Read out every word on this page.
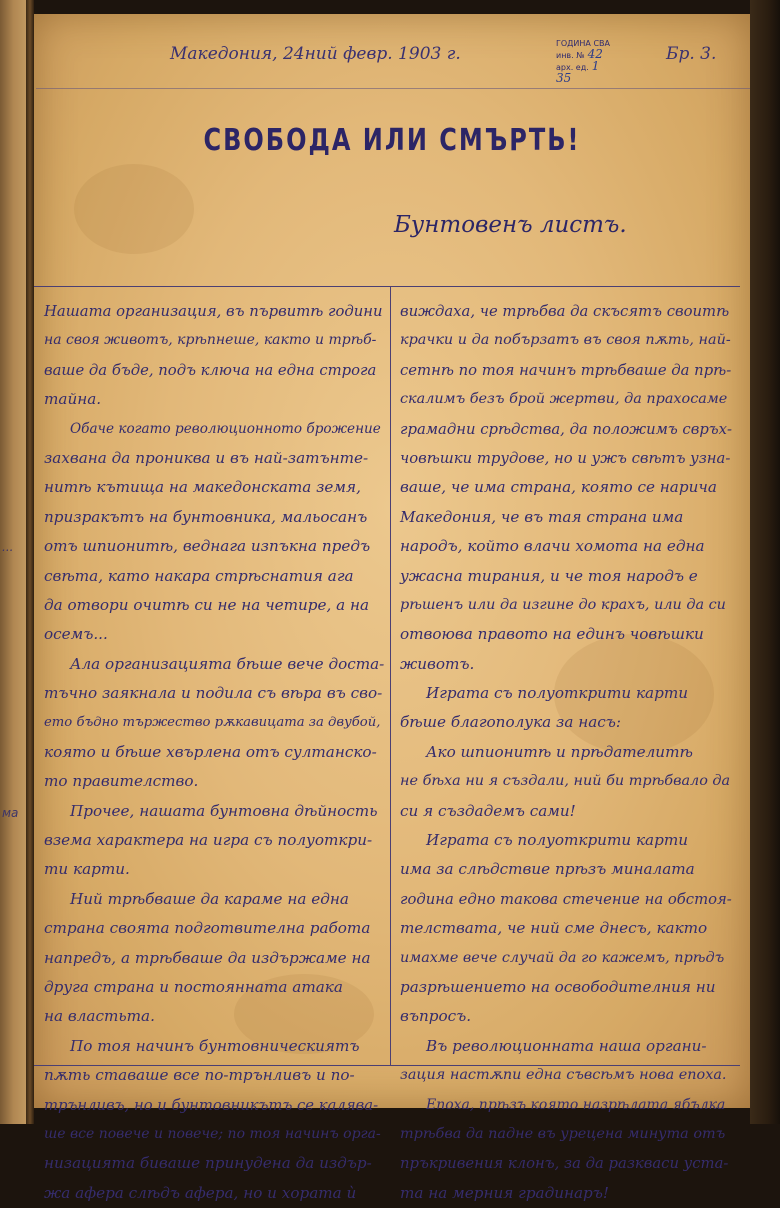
...
ма
Македония, 24ний февр. 1903 г.
ГОДИНА СВА
инв. № 42
арх. ед. 1
35
Бр. 3.
СВОБОДА ИЛИ СМЪРТЬ!
Бунтовенъ листъ.
Нашата организация, въ първитѣ години
на своя животъ, крѣпнеше, както и трѣб-
ваше да бъде, подъ ключа на една строга
тайна.
Обаче когато революционното брожение
захвана да прониква и въ най-затънте-
нитѣ кътища на македонската земя,
призракътъ на бунтовника, мальосанъ
отъ шпионитѣ, веднага изпъкна предъ
свѣта, като накара стрѣснатия ага
да отвори очитѣ си не на четире, а на
осемъ...
Ала организацията бѣше вече доста-
тъчно заякнала и подила съ вѣра въ сво-
ето бъдно тържество рѫкавицата за двубой,
която и бѣше хвърлена отъ султанско-
то правителство.
Прочее, нашата бунтовна дѣйность
взема характера на игра съ полуоткри-
ти карти.
Ний трѣбваше да караме на една
страна своята подготвителна работа
напредъ, а трѣбваше да издържаме на
друга страна и постоянната атака
на властьта.
По тоя начинъ бунтовническиятъ
пѫть ставаше все по-трънливъ и по-
трънливъ, но и бунтовникътъ се калява-
ше все повече и повече; по тоя начинъ орга-
низацията биваше принудена да издър-
жа афера слѣдъ афера, но и хората ѝ
виждаха, че трѣбва да скъсятъ своитѣ
крачки и да побързатъ въ своя пѫть, най-
сетнѣ по тоя начинъ трѣбваше да прѣ-
скалимъ безъ брой жертви, да прахосаме
грамадни срѣдства, да положимъ свръх-
човѣшки трудове, но и ужъ свѣтъ узна-
ваше, че има страна, която се нарича
Македония, че въ тая страна има
народъ, който влачи хомота на една
ужасна тирания, и че тоя народъ е
рѣшенъ или да изгине до крахъ, или да си
отвоюва правото на единъ човѣшки
животъ.
Играта съ полуоткрити карти
бѣше благополука за насъ:
Ако шпионитѣ и прѣдателитѣ
не бѣха ни я създали, ний би трѣбвало да
си я създадемъ сами!
Играта съ полуоткрити карти
има за слѣдствие прѣзъ миналата
година едно такова стечение на обстоя-
телствата, че ний сме днесъ, както
имахме вече случай да го кажемъ, прѣдъ
разрѣшението на освободителния ни
въпросъ.
Въ революционната наша органи-
зация настѫпи една съвсѣмъ нова епоха.
Епоха, прѣзъ която назрѣлата ябълка
трѣбва да падне въ урецена минута отъ
пръкривения клонъ, за да разкваси уста-
та на мерния градинаръ!
